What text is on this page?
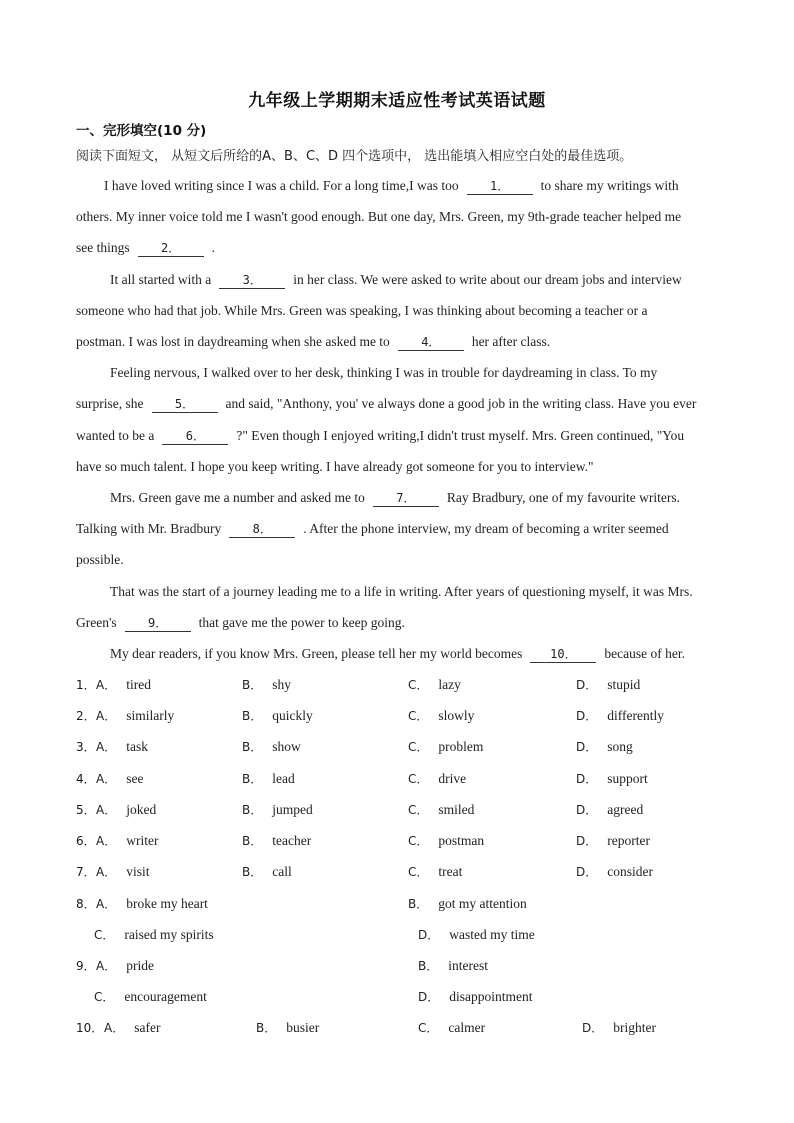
九年级上学期期末适应性考试英语试题
一、完形填空(10 分)
阅读下面短文， 从短文后所给的A、B、C、D 四个选项中， 选出能填入相应空白处的最佳选项。
I have loved writing since I was a child. For a long time,I was too	1． to share my writings with
others. My inner voice told me I wasn't good enough. But one day, Mrs. Green, my 9th-grade teacher helped me
see things	2． .
It all started with a	3． in her class. We were asked to write about our dream jobs and interview
someone who had that job. While Mrs. Green was speaking, I was thinking about becoming a teacher or a
postman. I was lost in daydreaming when she asked me to	4． her after class.
Feeling nervous, I walked over to her desk, thinking I was in trouble for daydreaming in class. To my
surprise, she	5． and said, "Anthony, you' ve always done a good job in the writing class. Have you ever
wanted to be a	6． ?" Even though I enjoyed writing,I didn't trust myself. Mrs. Green continued, "You
have so much talent. I hope you keep writing. I have already got someone for you to interview."
Mrs. Green gave me a number and asked me to	7． Ray Bradbury, one of my favourite writers.
Talking with Mr. Bradbury	8． . After the phone interview, my dream of becoming a writer seemed
possible.
That was the start of a journey leading me to a life in writing. After years of questioning myself, it was Mrs.
Green's	9． that gave me the power to keep going.
My dear readers, if you know Mrs. Green, please tell her my world becomes 10． because of her.
1． A． tired	B． shy	C． lazy	D． stupid
2． A． similarly	B． quickly	C． slowly	D． differently
3． A． task	B． show	C． problem	D． song
4． A． see	B． lead	C． drive	D． support
5． A． joked	B． jumped	C． smiled	D． agreed
6． A． writer	B． teacher	C． postman	D． reporter
7． A． visit	B． call	C． treat	D． consider
8． A． broke my heart	B． got my attention
C． raised my spirits	D． wasted my time
9． A． pride	B． interest
C． encouragement	D． disappointment
10． A． safer	B． busier	C． calmer	D． brighter
